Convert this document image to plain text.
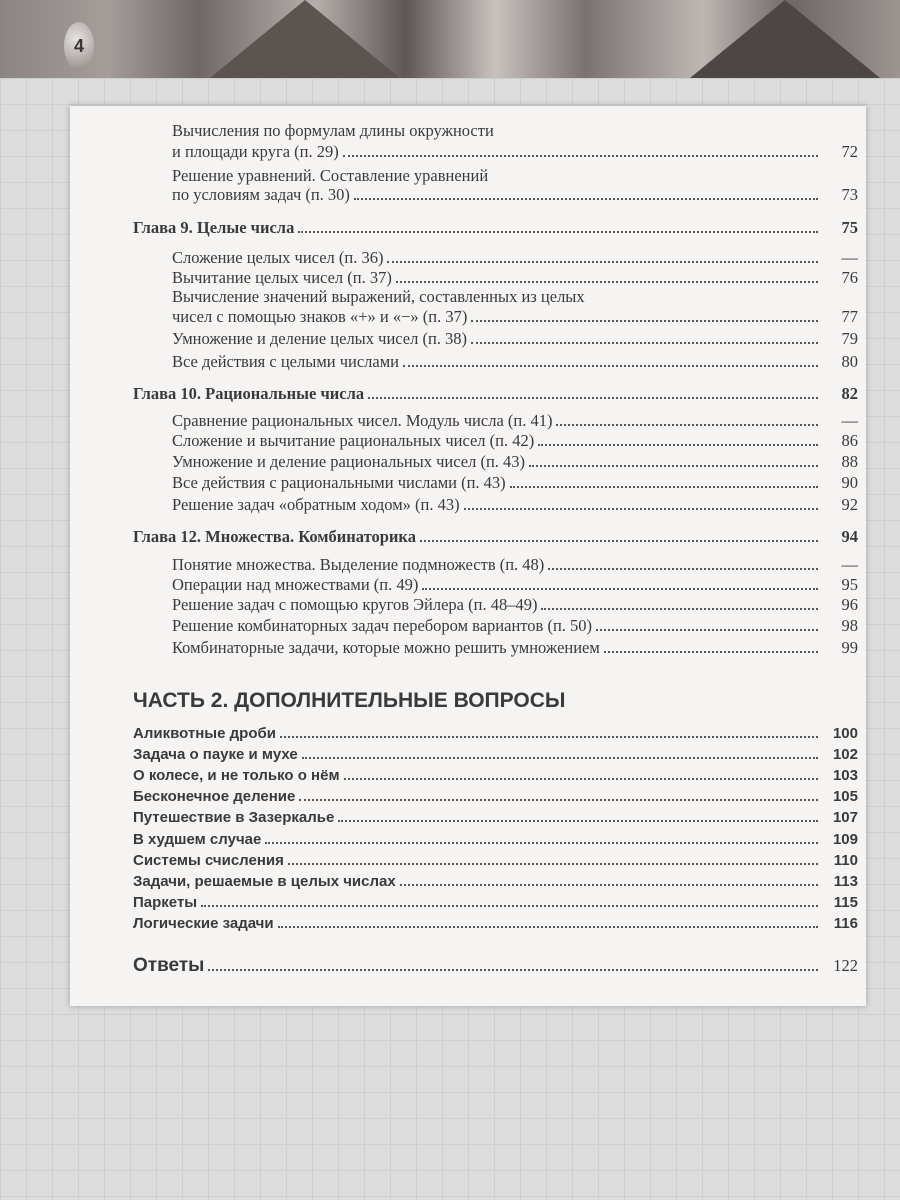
4
Вычисления по формулам длины окружности
и площади круга (п. 29)	72
Решение уравнений. Составление уравнений
по условиям задач (п. 30)	73
Глава 9. Целые числа	75
Сложение целых чисел (п. 36)	—
Вычитание целых чисел (п. 37)	76
Вычисление значений выражений, составленных из целых
чисел с помощью знаков «+» и «−» (п. 37)	77
Умножение и деление целых чисел (п. 38)	79
Все действия с целыми числами	80
Глава 10. Рациональные числа	82
Сравнение рациональных чисел. Модуль числа (п. 41)	—
Сложение и вычитание рациональных чисел (п. 42)	86
Умножение и деление рациональных чисел (п. 43)	88
Все действия с рациональными числами (п. 43)	90
Решение задач «обратным ходом» (п. 43)	92
Глава 12. Множества. Комбинаторика	94
Понятие множества. Выделение подмножеств (п. 48)	—
Операции над множествами (п. 49)	95
Решение задач с помощью кругов Эйлера (п. 48–49)	96
Решение комбинаторных задач перебором вариантов (п. 50)	98
Комбинаторные задачи, которые можно решить умножением	99
ЧАСТЬ 2. ДОПОЛНИТЕЛЬНЫЕ ВОПРОСЫ
Аликвотные дроби	100
Задача о пауке и мухе	102
О колесе, и не только о нём	103
Бесконечное деление	105
Путешествие в Зазеркалье	107
В худшем случае	109
Системы счисления	110
Задачи, решаемые в целых числах	113
Паркеты	115
Логические задачи	116
Ответы	122
